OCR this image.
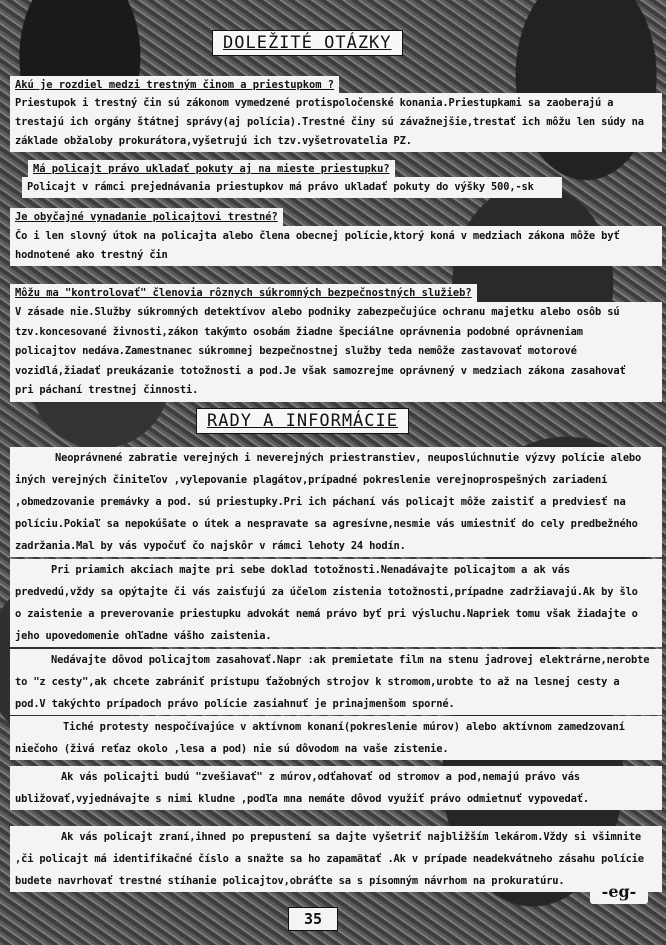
DOLEŽITÉ OTÁZKY
Akú je rozdiel medzi trestným činom a priestupkom ?
Priestupok i trestný čin sú zákonom vymedzené protispoločenské konania.Priestupkami sa zaoberajú a
trestajú ich orgány štátnej správy(aj polícia).Trestné činy sú závažnejšie,trestať ich môžu len súdy na
základe obžaloby prokurátora,vyšetrujú ich tzv.vyšetrovatelia PZ.
Má policajt právo ukladať pokuty aj na mieste priestupku?
Policajt v rámci prejednávania priestupkov má právo ukladať pokuty do výšky 500,-sk
Je obyčajné vynadanie policajtovi trestné?
Čo i len slovný útok na policajta alebo člena obecnej polície,ktorý koná v medziach zákona môže byť
hodnotené ako trestný čin
Môžu ma "kontrolovať" členovia rôznych súkromných bezpečnostných služieb?
V zásade nie.Služby súkromných detektívov alebo podniky zabezpečujúce ochranu majetku alebo osôb sú
tzv.koncesované živnosti,zákon takýmto osobám žiadne špeciálne oprávnenia podobné oprávneniam
policajtov nedáva.Zamestnanec súkromnej bezpečnostnej služby teda nemôže zastavovať motorové
vozidlá,žiadať preukázanie totožnosti a pod.Je však samozrejme oprávnený v medziach zákona zasahovať
pri páchaní trestnej činnosti.
RADY A INFORMÁCIE
Neoprávnené zabratie verejných i neverejných priestranstiev, neuposlúchnutie výzvy polície alebo
iných verejných činiteľov ,vylepovanie plagátov,prípadné pokreslenie verejnoprospešných zariadení
,obmedzovanie premávky a pod. sú priestupky.Pri ich páchaní vás policajt môže zaistiť a predviesť na
políciu.Pokiaľ sa nepokúšate o útek a nespravate sa agresívne,nesmie vás umiestniť do cely predbežného
zadržania.Mal by vás vypočuť čo najskôr v rámci lehoty 24 hodín.
Pri priamich akciach majte pri sebe doklad totožnosti.Nenadávajte policajtom a ak vás
predvedú,vždy sa opýtajte či vás zaisťujú za účelom zistenia totožnosti,prípadne zadržiavajú.Ak by šlo
o zaistenie a preverovanie priestupku advokát nemá právo byť pri výsluchu.Napriek tomu však žiadajte o
jeho upovedomenie ohľadne vášho zaistenia.
Nedávajte dôvod policajtom zasahovať.Napr :ak premietate film na stenu jadrovej elektrárne,nerobte
to "z cesty",ak chcete zabrániť prístupu ťažobných strojov k stromom,urobte to až na lesnej cesty a
pod.V takýchto prípadoch právo polície zasiahnuť je prinajmenšom sporné.
Tiché protesty nespočívajúce v aktívnom konaní(pokreslenie múrov) alebo aktívnom zamedzovaní
niečoho (živá reťaz okolo ,lesa a pod) nie sú dôvodom na vaše zistenie.
Ak vás policajti budú "zvešiavať" z múrov,odťahovať od stromov a pod,nemajú právo vás
ubližovať,vyjednávajte s nimi kludne ,podľa mna nemáte dôvod využiť právo odmietnuť vypovedať.
Ak vás policajt zraní,ihned po prepustení sa dajte vyšetriť najbližším lekárom.Vždy si všimnite
,či policajt má identifikačné číslo a snažte sa ho zapamätať .Ak v prípade neadekvátneho zásahu polície
budete navrhovať trestné stíhanie policajtov,obráťte sa s písomným návrhom na prokuratúru.
-eg-
35
